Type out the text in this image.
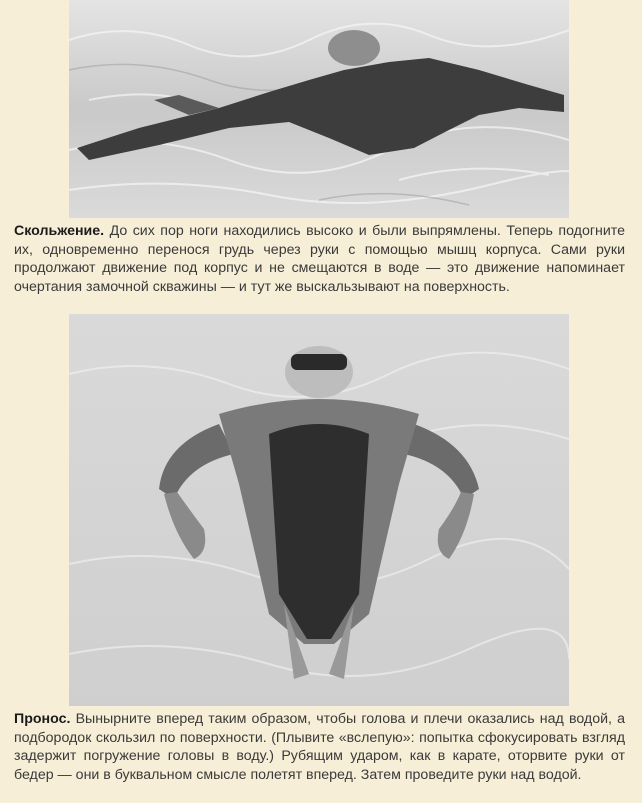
Скольжение. До сих пор ноги находились высоко и были выпрямлены. Теперь подогните их, одновременно перенося грудь через руки с помощью мышц корпуса. Сами руки продолжают движение под корпус и не смещаются в воде — это движение напоминает очертания замочной скважины — и тут же выскальзывают на поверхность.

Пронос. Вынырните вперед таким образом, чтобы голова и плечи оказались над водой, а подбородок скользил по поверхности. (Плывите «вслепую»: попытка сфокусировать взгляд задержит погружение головы в воду.) Рубящим ударом, как в карате, оторвите руки от бедер — они в буквальном смысле полетят вперед. Затем проведите руки над водой.
